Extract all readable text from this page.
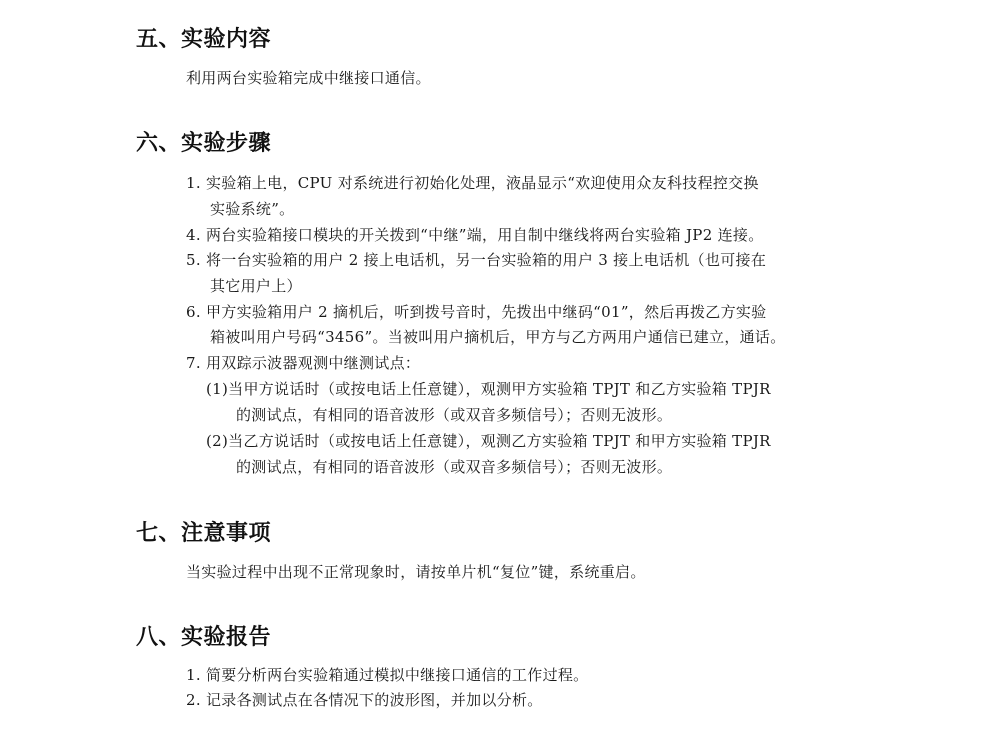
五、实验内容
利用两台实验箱完成中继接口通信。
六、实验步骤
1. 实验箱上电，CPU 对系统进行初始化处理，液晶显示“欢迎使用众友科技程控交换
实验系统”。
4. 两台实验箱接口模块的开关拨到“中继”端，用自制中继线将两台实验箱 JP2 连接。
5. 将一台实验箱的用户 2 接上电话机，另一台实验箱的用户 3 接上电话机（也可接在
其它用户上）
6. 甲方实验箱用户 2 摘机后，听到拨号音时，先拨出中继码“01”，然后再拨乙方实验
箱被叫用户号码“3456”。当被叫用户摘机后，甲方与乙方两用户通信已建立，通话。
7. 用双踪示波器观测中继测试点：
(1)当甲方说话时（或按电话上任意键），观测甲方实验箱 TPJT 和乙方实验箱 TPJR
的测试点，有相同的语音波形（或双音多频信号）；否则无波形。
(2)当乙方说话时（或按电话上任意键），观测乙方实验箱 TPJT 和甲方实验箱 TPJR
的测试点，有相同的语音波形（或双音多频信号）；否则无波形。
七、注意事项
当实验过程中出现不正常现象时，请按单片机“复位”键，系统重启。
八、实验报告
1. 简要分析两台实验箱通过模拟中继接口通信的工作过程。
2. 记录各测试点在各情况下的波形图，并加以分析。
